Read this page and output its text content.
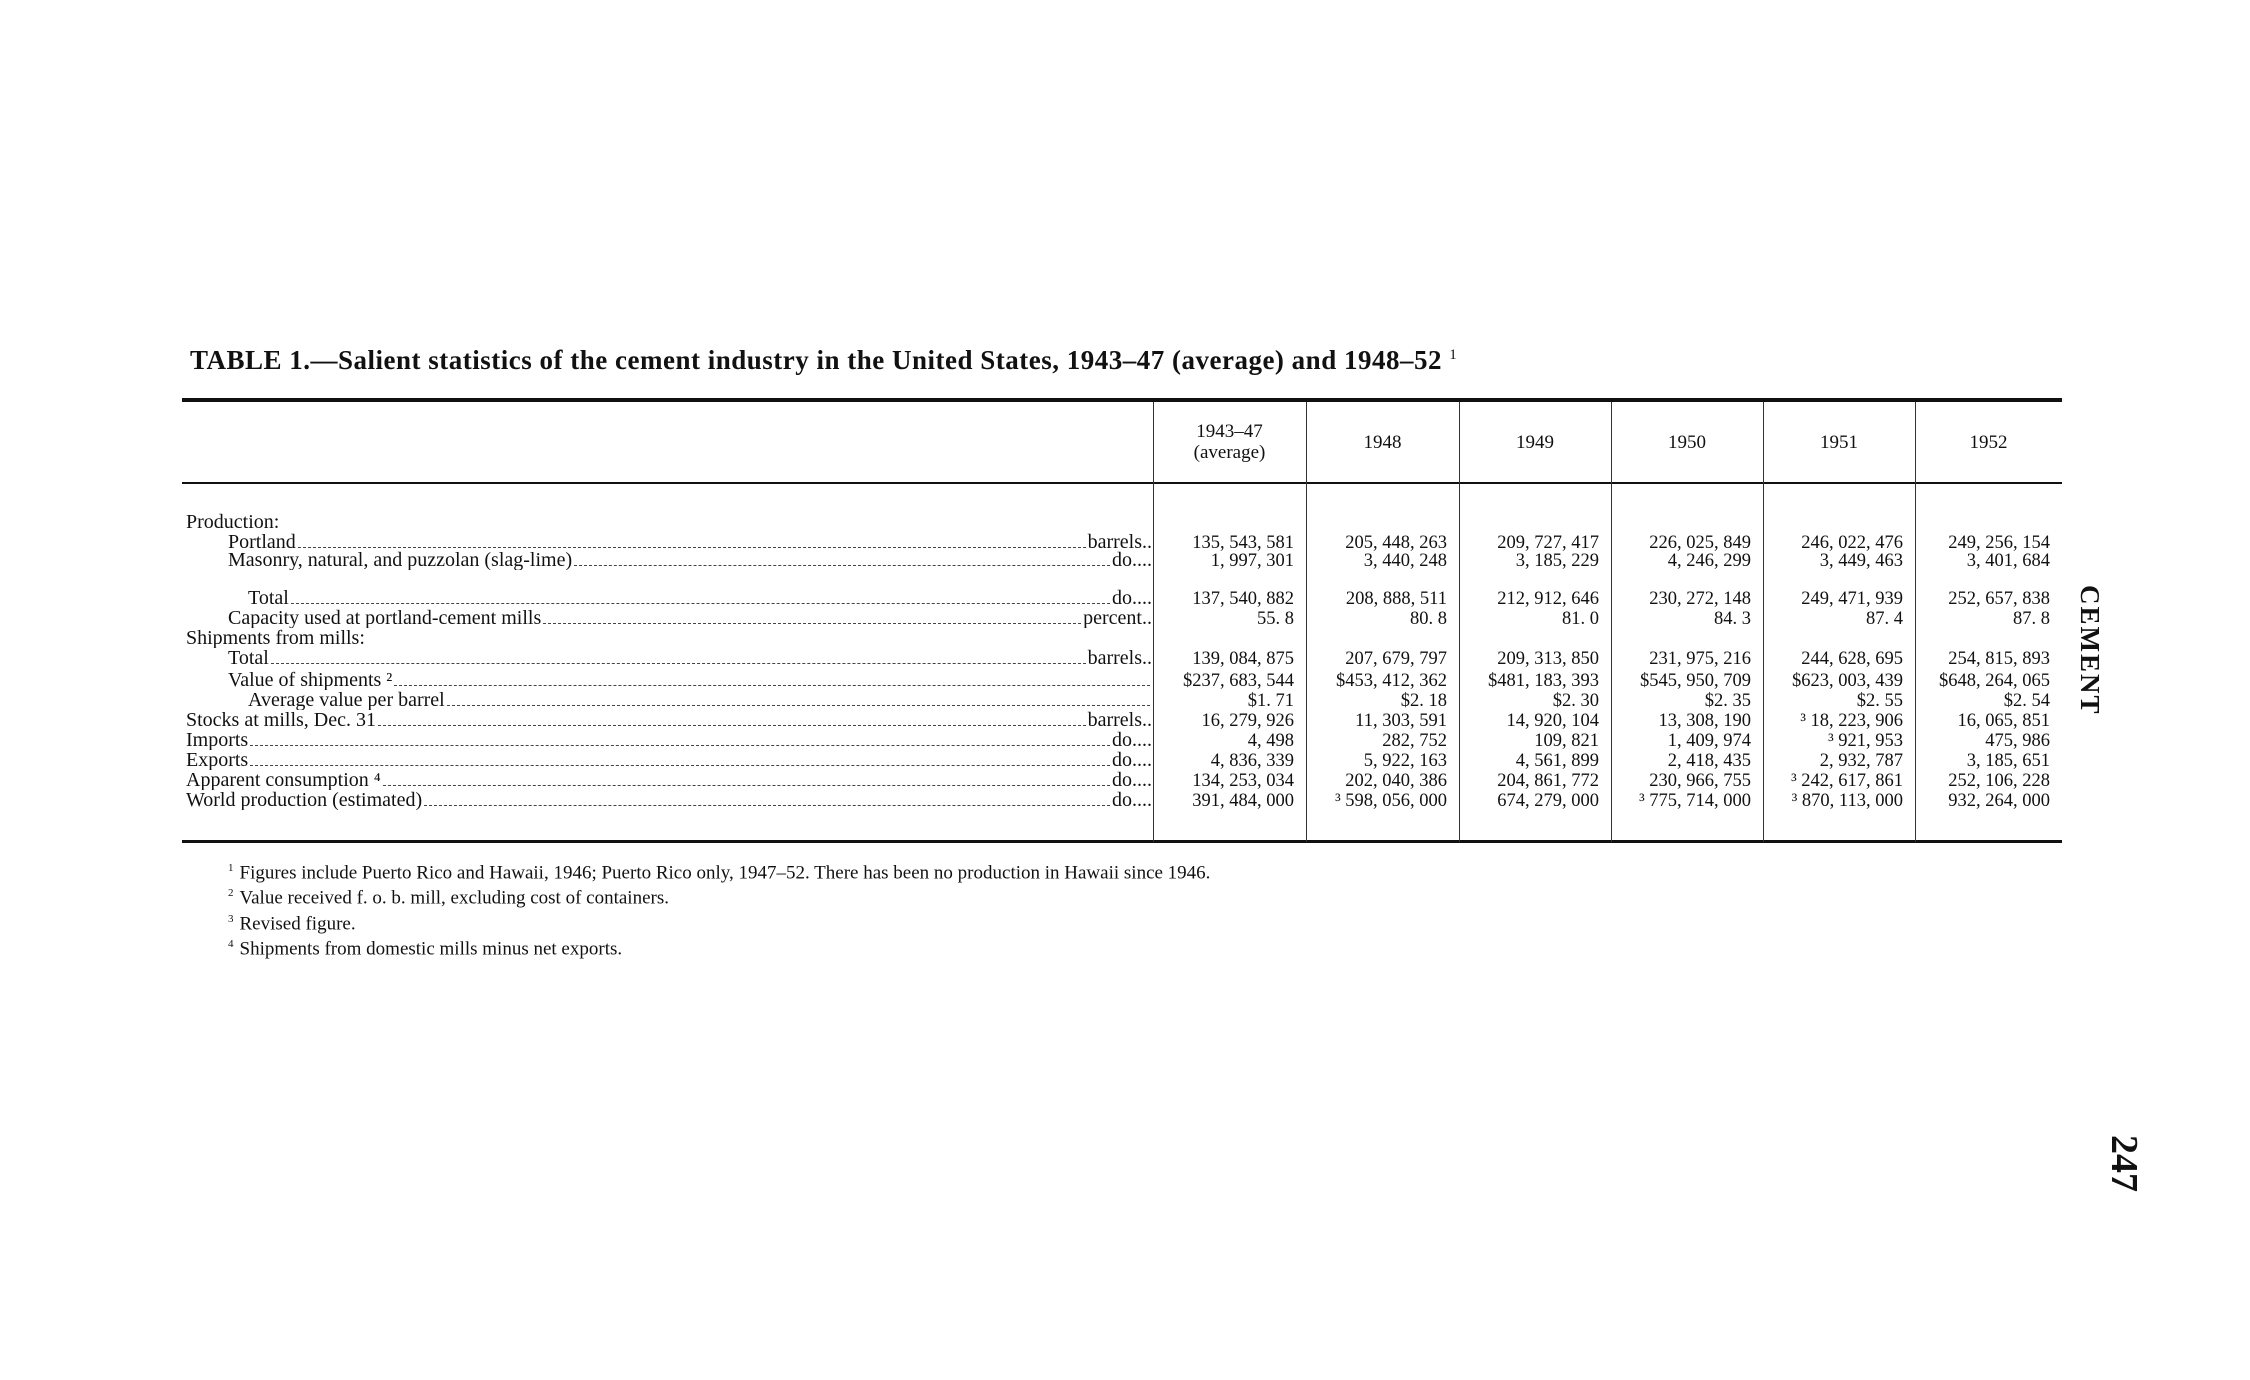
TABLE 1.—Salient statistics of the cement industry in the United States, 1943–47 (average) and 1948–52 $^1$
1943–47
(average)	1948	1949	1950	1951	1952
Production:
Portland	barrels..	135, 543, 581	205, 448, 263	209, 727, 417	226, 025, 849	246, 022, 476	249, 256, 154
Masonry, natural, and puzzolan (slag-lime)	do....	1, 997, 301	3, 440, 248	3, 185, 229	4, 246, 299	3, 449, 463	3, 401, 684
Total	do....	137, 540, 882	208, 888, 511	212, 912, 646	230, 272, 148	249, 471, 939	252, 657, 838
Capacity used at portland-cement mills	percent..	55. 8	80. 8	81. 0	84. 3	87. 4	87. 8
Shipments from mills:
Total	barrels..	139, 084, 875	207, 679, 797	209, 313, 850	231, 975, 216	244, 628, 695	254, 815, 893
Value of shipments ²	$237, 683, 544	$453, 412, 362	$481, 183, 393	$545, 950, 709	$623, 003, 439	$648, 264, 065
Average value per barrel	$1. 71	$2. 18	$2. 30	$2. 35	$2. 55	$2. 54
Stocks at mills, Dec. 31	barrels..	16, 279, 926	11, 303, 591	14, 920, 104	13, 308, 190	³ 18, 223, 906	16, 065, 851
Imports	do....	4, 498	282, 752	109, 821	1, 409, 974	³ 921, 953	475, 986
Exports	do....	4, 836, 339	5, 922, 163	4, 561, 899	2, 418, 435	2, 932, 787	3, 185, 651
Apparent consumption ⁴	do....	134, 253, 034	202, 040, 386	204, 861, 772	230, 966, 755	³ 242, 617, 861	252, 106, 228
World production (estimated)	do....	391, 484, 000	³ 598, 056, 000	674, 279, 000	³ 775, 714, 000	³ 870, 113, 000	932, 264, 000
$^1$ Figures include Puerto Rico and Hawaii, 1946; Puerto Rico only, 1947–52. There has been no production in Hawaii since 1946.
$^2$ Value received f. o. b. mill, excluding cost of containers.
$^3$ Revised figure.
$^4$ Shipments from domestic mills minus net exports.
CEMENT
247
